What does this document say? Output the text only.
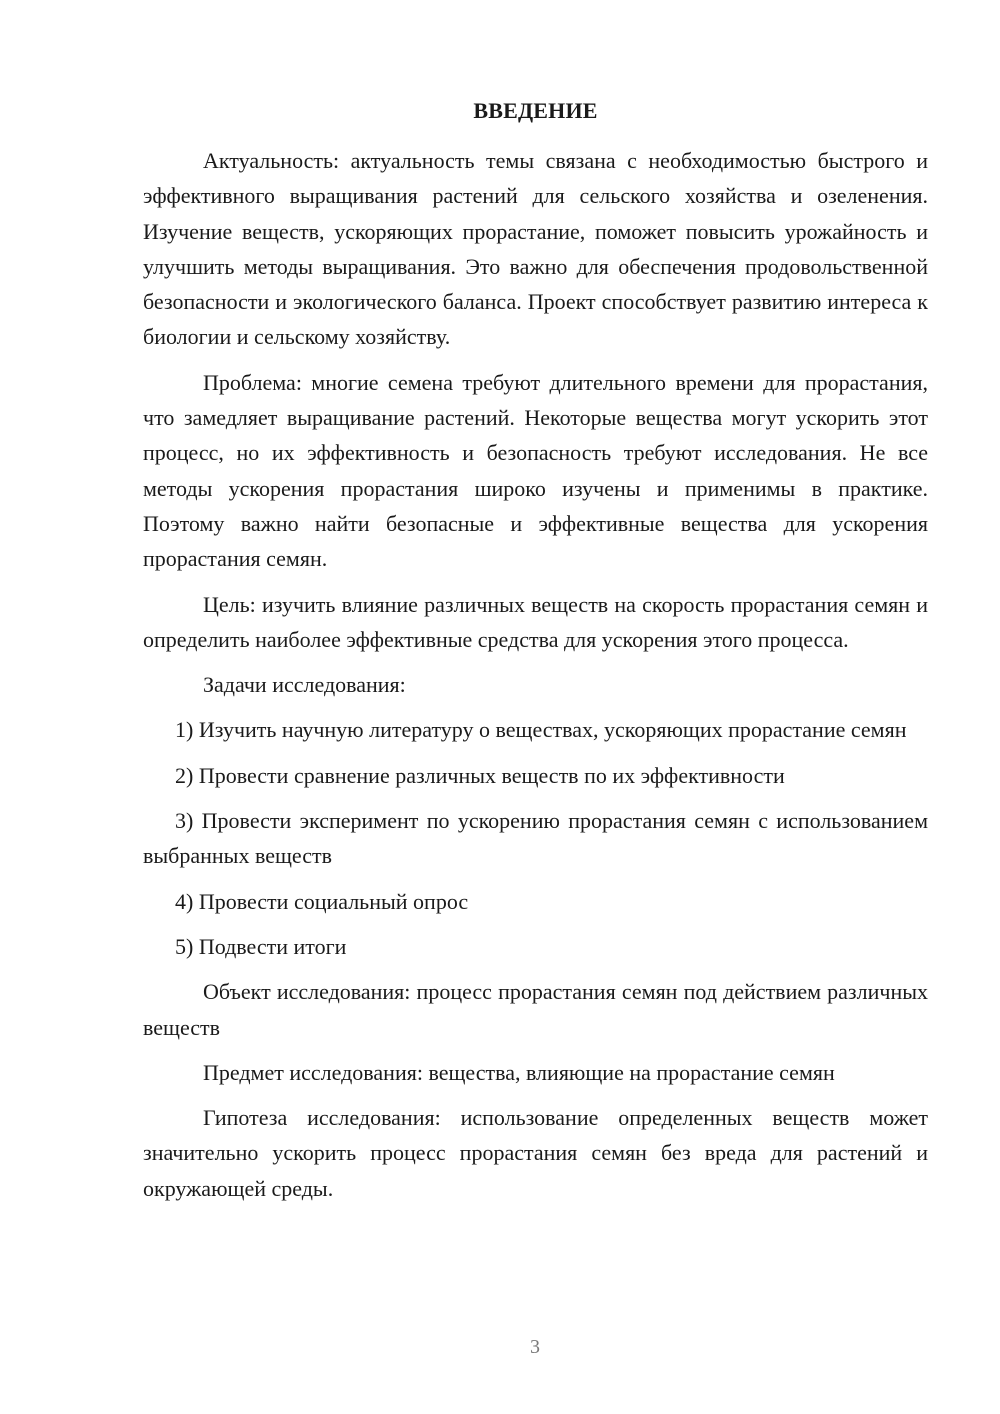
ВВЕДЕНИЕ

Актуальность: актуальность темы связана с необходимостью быстрого и эффективного выращивания растений для сельского хозяйства и озеленения. Изучение веществ, ускоряющих прорастание, поможет повысить урожайность и улучшить методы выращивания. Это важно для обеспечения продовольственной безопасности и экологического баланса. Проект способствует развитию интереса к биологии и сельскому хозяйству.

Проблема: многие семена требуют длительного времени для прорастания, что замедляет выращивание растений. Некоторые вещества могут ускорить этот процесс, но их эффективность и безопасность требуют исследования. Не все методы ускорения прорастания широко изучены и применимы в практике. Поэтому важно найти безопасные и эффективные вещества для ускорения прорастания семян.

Цель: изучить влияние различных веществ на скорость прорастания семян и определить наиболее эффективные средства для ускорения этого процесса.

Задачи исследования:

1) Изучить научную литературу о веществах, ускоряющих прорастание семян

2) Провести сравнение различных веществ по их эффективности

3) Провести эксперимент по ускорению прорастания семян с использованием выбранных веществ

4) Провести социальный опрос

5) Подвести итоги

Объект исследования: процесс прорастания семян под действием различных веществ

Предмет исследования: вещества, влияющие на прорастание семян

Гипотеза исследования: использование определенных веществ может значительно ускорить процесс прорастания семян без вреда для растений и окружающей среды.

3
